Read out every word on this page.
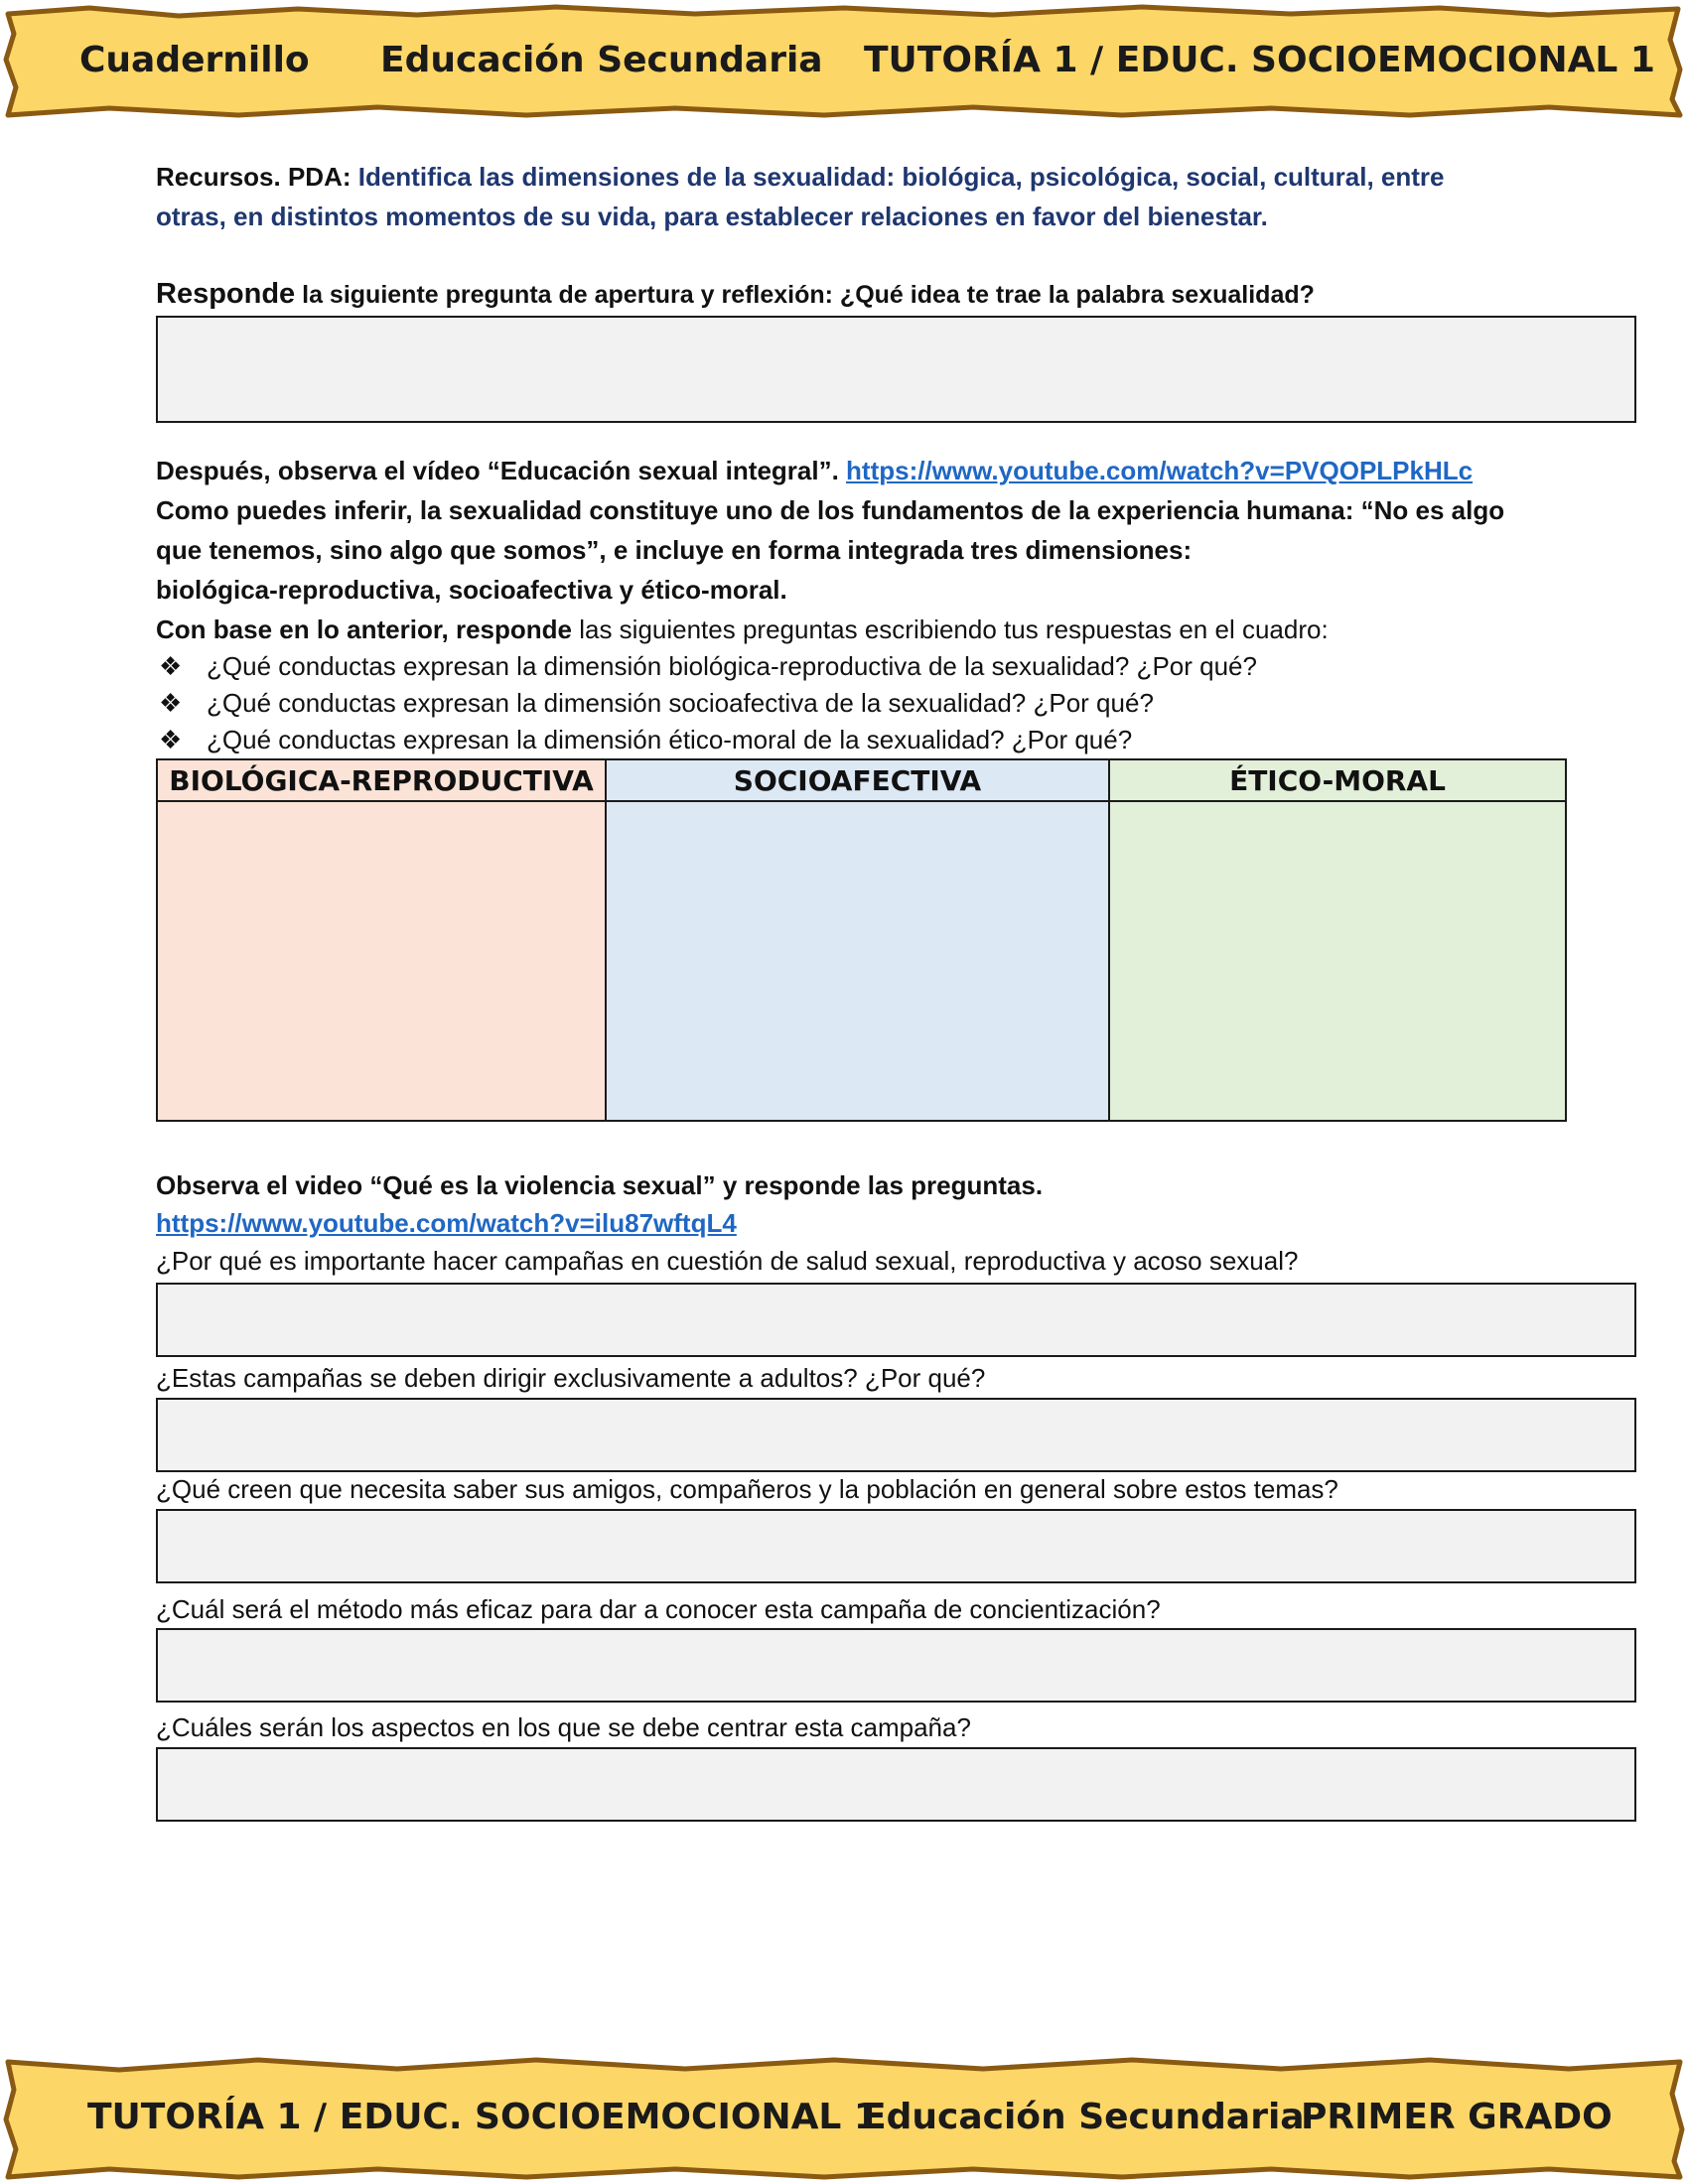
Cuadernillo Educación Secundaria TUTORÍA 1 / EDUC. SOCIOEMOCIONAL 1
Recursos. PDA: Identifica las dimensiones de la sexualidad: biológica, psicológica, social, cultural, entre
otras, en distintos momentos de su vida, para establecer relaciones en favor del bienestar.
Responde la siguiente pregunta de apertura y reflexión: ¿Qué idea te trae la palabra sexualidad?
Después, observa el vídeo “Educación sexual integral”. https://www.youtube.com/watch?v=PVQOPLPkHLc
Como puedes inferir, la sexualidad constituye uno de los fundamentos de la experiencia humana: “No es algo
que tenemos, sino algo que somos”, e incluye en forma integrada tres dimensiones:
biológica-reproductiva, socioafectiva y ético-moral.
Con base en lo anterior, responde las siguientes preguntas escribiendo tus respuestas en el cuadro:
❖ ¿Qué conductas expresan la dimensión biológica-reproductiva de la sexualidad? ¿Por qué?
❖ ¿Qué conductas expresan la dimensión socioafectiva de la sexualidad? ¿Por qué?
❖ ¿Qué conductas expresan la dimensión ético-moral de la sexualidad? ¿Por qué?
BIOLÓGICA-REPRODUCTIVA	SOCIOAFECTIVA	ÉTICO-MORAL

Observa el video “Qué es la violencia sexual” y responde las preguntas.
https://www.youtube.com/watch?v=ilu87wftqL4
¿Por qué es importante hacer campañas en cuestión de salud sexual, reproductiva y acoso sexual?
¿Estas campañas se deben dirigir exclusivamente a adultos? ¿Por qué?
¿Qué creen que necesita saber sus amigos, compañeros y la población en general sobre estos temas?
¿Cuál será el método más eficaz para dar a conocer esta campaña de concientización?
¿Cuáles serán los aspectos en los que se debe centrar esta campaña?
TUTORÍA 1 / EDUC. SOCIOEMOCIONAL 1
Educación Secundaria
PRIMER GRADO
